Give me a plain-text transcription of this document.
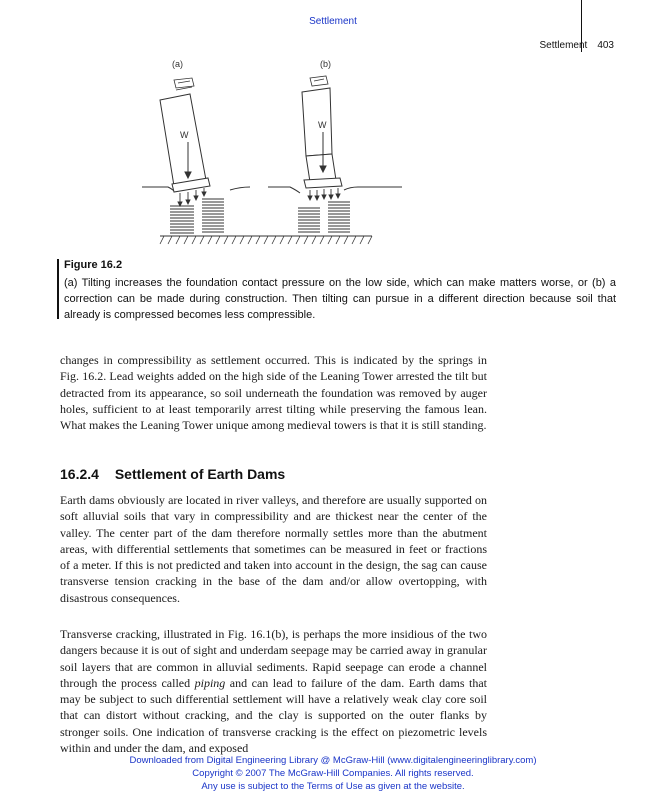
Settlement
Settlement 403
(a)	(b)
W
W
Figure 16.2
(a) Tilting increases the foundation contact pressure on the low side, which can make matters worse, or (b) a correction can be made during construction. Then tilting can pursue in a different direction because soil that already is compressed becomes less compressible.
changes in compressibility as settlement occurred. This is indicated by the springs in Fig. 16.2. Lead weights added on the high side of the Leaning Tower arrested the tilt but detracted from its appearance, so soil underneath the foundation was removed by auger holes, sufficient to at least temporarily arrest tilting while preserving the famous lean. What makes the Leaning Tower unique among medieval towers is that it is still standing.
16.2.4 Settlement of Earth Dams
Earth dams obviously are located in river valleys, and therefore are usually supported on soft alluvial soils that vary in compressibility and are thickest near the center of the valley. The center part of the dam therefore normally settles more than the abutment areas, with differential settlements that sometimes can be measured in feet or fractions of a meter. If this is not predicted and taken into account in the design, the sag can cause transverse tension cracking in the base of the dam and/or allow overtopping, with disastrous consequences.
Transverse cracking, illustrated in Fig. 16.1(b), is perhaps the more insidious of the two dangers because it is out of sight and underdam seepage may be carried away in granular soil layers that are common in alluvial sediments. Rapid seepage can erode a channel through the process called piping and can lead to failure of the dam. Earth dams that may be subject to such differential settlement will have a relatively weak clay core soil that can distort without cracking, and the clay is supported on the outer flanks by stronger soils. One indication of transverse cracking is the effect on piezometric levels within and under the dam, and exposed
Downloaded from Digital Engineering Library @ McGraw-Hill (www.digitalengineeringlibrary.com)
Copyright © 2007 The McGraw-Hill Companies. All rights reserved.
Any use is subject to the Terms of Use as given at the website.
